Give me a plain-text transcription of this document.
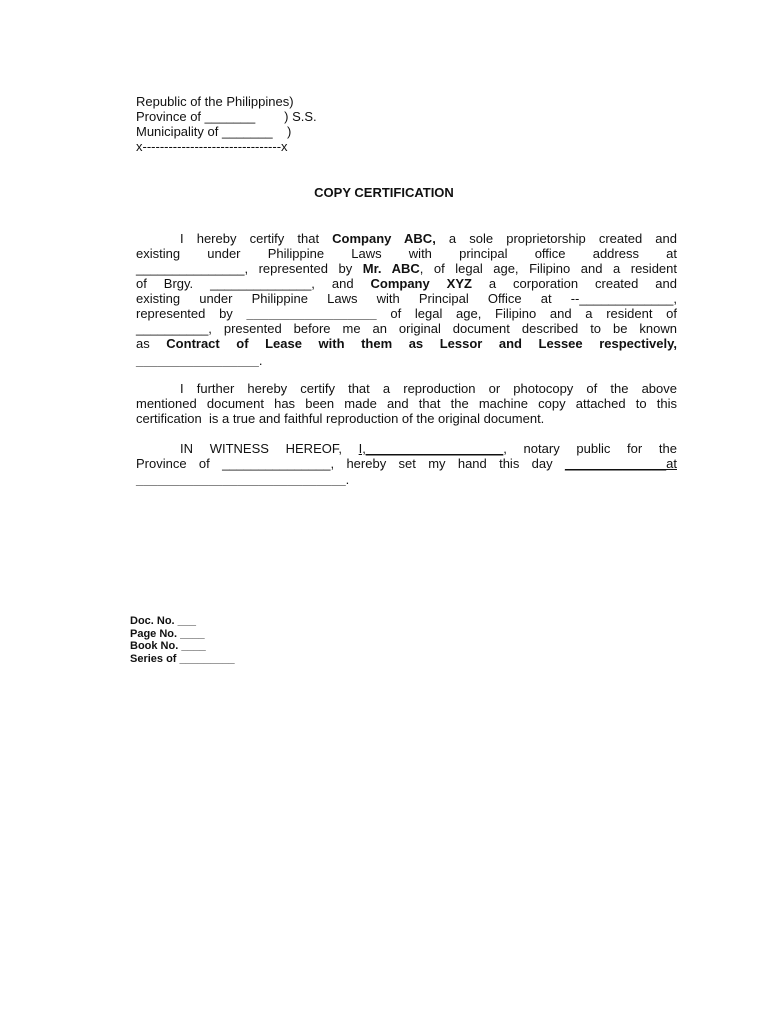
Republic of the Philippines)
Province of _______        ) S.S.
Municipality of _______    )
x--------------------------------x
COPY CERTIFICATION
I hereby certify that Company ABC, a sole proprietorship created and
existing under Philippine Laws with principal office address at
_______________, represented by Mr. ABC, of legal age, Filipino and a resident
of Brgy. ______________, and Company XYZ a corporation created and
existing under Philippine Laws with Principal Office at --_____________,
represented by __________________ of legal age, Filipino and a resident of
__________, presented before me an original document described to be known
as Contract of Lease with them as Lessor and Lessee respectively,
_________________.
I further hereby certify that a reproduction or photocopy of the above
mentioned document has been made and that the machine copy attached to this
certification  is a true and faithful reproduction of the original document.
IN WITNESS HEREOF, I,___________________, notary public for the
Province of _______________, hereby set my hand this day ______________at
_____________________________.
Doc. No. ___
Page No. ____
Book No. ____
Series of _________
